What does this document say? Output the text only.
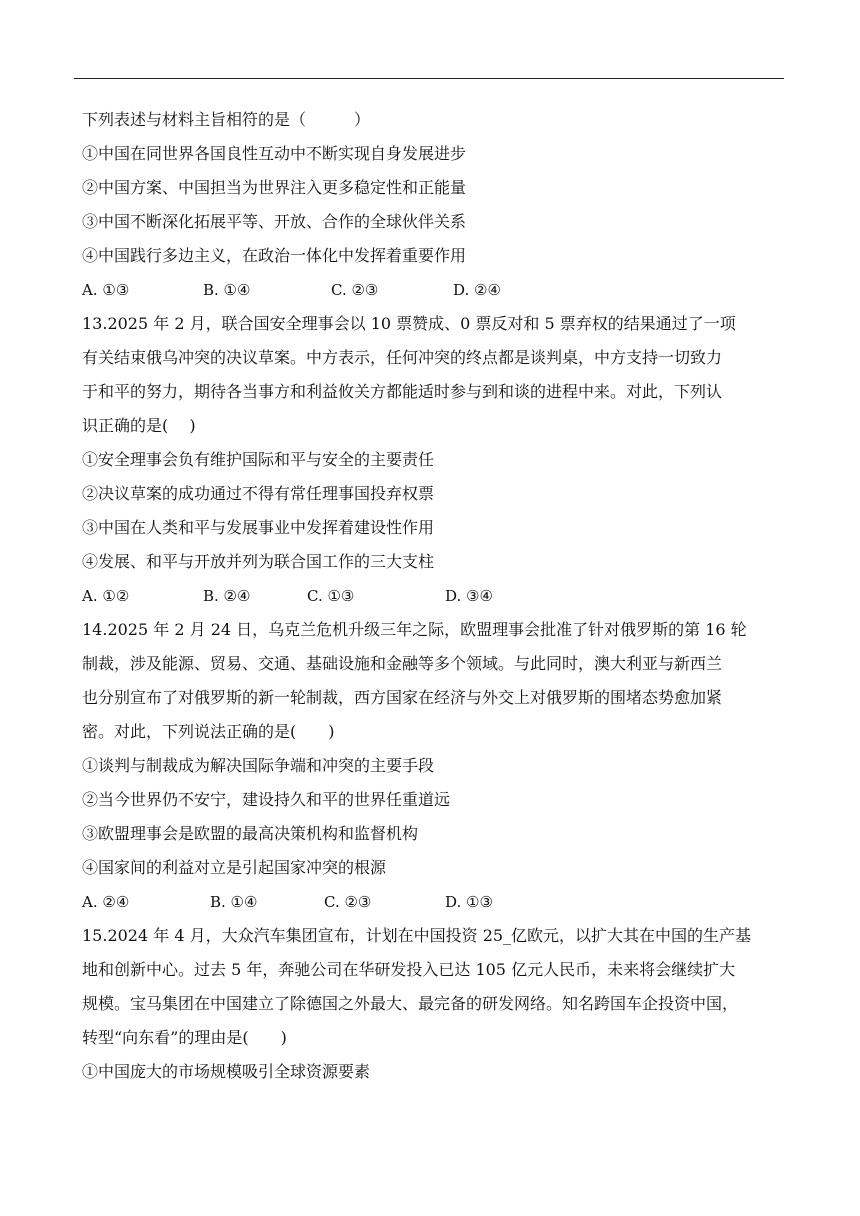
下列表述与材料主旨相符的是（　　　）
①中国在同世界各国良性互动中不断实现自身发展进步
②中国方案、中国担当为世界注入更多稳定性和正能量
③中国不断深化拓展平等、开放、合作的全球伙伴关系
④中国践行多边主义，在政治一体化中发挥着重要作用
A. ①③	B. ①④	C. ②③	D. ②④
13.2025 年 2 月，联合国安全理事会以 10 票赞成、0 票反对和 5 票弃权的结果通过了一项
有关结束俄乌冲突的决议草案。中方表示，任何冲突的终点都是谈判桌，中方支持一切致力
于和平的努力，期待各当事方和利益攸关方都能适时参与到和谈的进程中来。对此，下列认
识正确的是(　 )
①安全理事会负有维护国际和平与安全的主要责任
②决议草案的成功通过不得有常任理事国投弃权票
③中国在人类和平与发展事业中发挥着建设性作用
④发展、和平与开放并列为联合国工作的三大支柱
A. ①②	B. ②④	C. ①③	D. ③④
14.2025 年 2 月 24 日，乌克兰危机升级三年之际，欧盟理事会批准了针对俄罗斯的第 16 轮
制裁，涉及能源、贸易、交通、基础设施和金融等多个领域。与此同时，澳大利亚与新西兰
也分别宣布了对俄罗斯的新一轮制裁，西方国家在经济与外交上对俄罗斯的围堵态势愈加紧
密。对此，下列说法正确的是(　　)
①谈判与制裁成为解决国际争端和冲突的主要手段
②当今世界仍不安宁，建设持久和平的世界任重道远
③欧盟理事会是欧盟的最高决策机构和监督机构
④国家间的利益对立是引起国家冲突的根源
A. ②④	B. ①④	C. ②③	D. ①③
15.2024 年 4 月，大众汽车集团宣布，计划在中国投资 25_亿欧元，以扩大其在中国的生产基
地和创新中心。过去 5 年，奔驰公司在华研发投入已达 105 亿元人民币，未来将会继续扩大
规模。宝马集团在中国建立了除德国之外最大、最完备的研发网络。知名跨国车企投资中国，
转型“向东看”的理由是(　　)
①中国庞大的市场规模吸引全球资源要素
